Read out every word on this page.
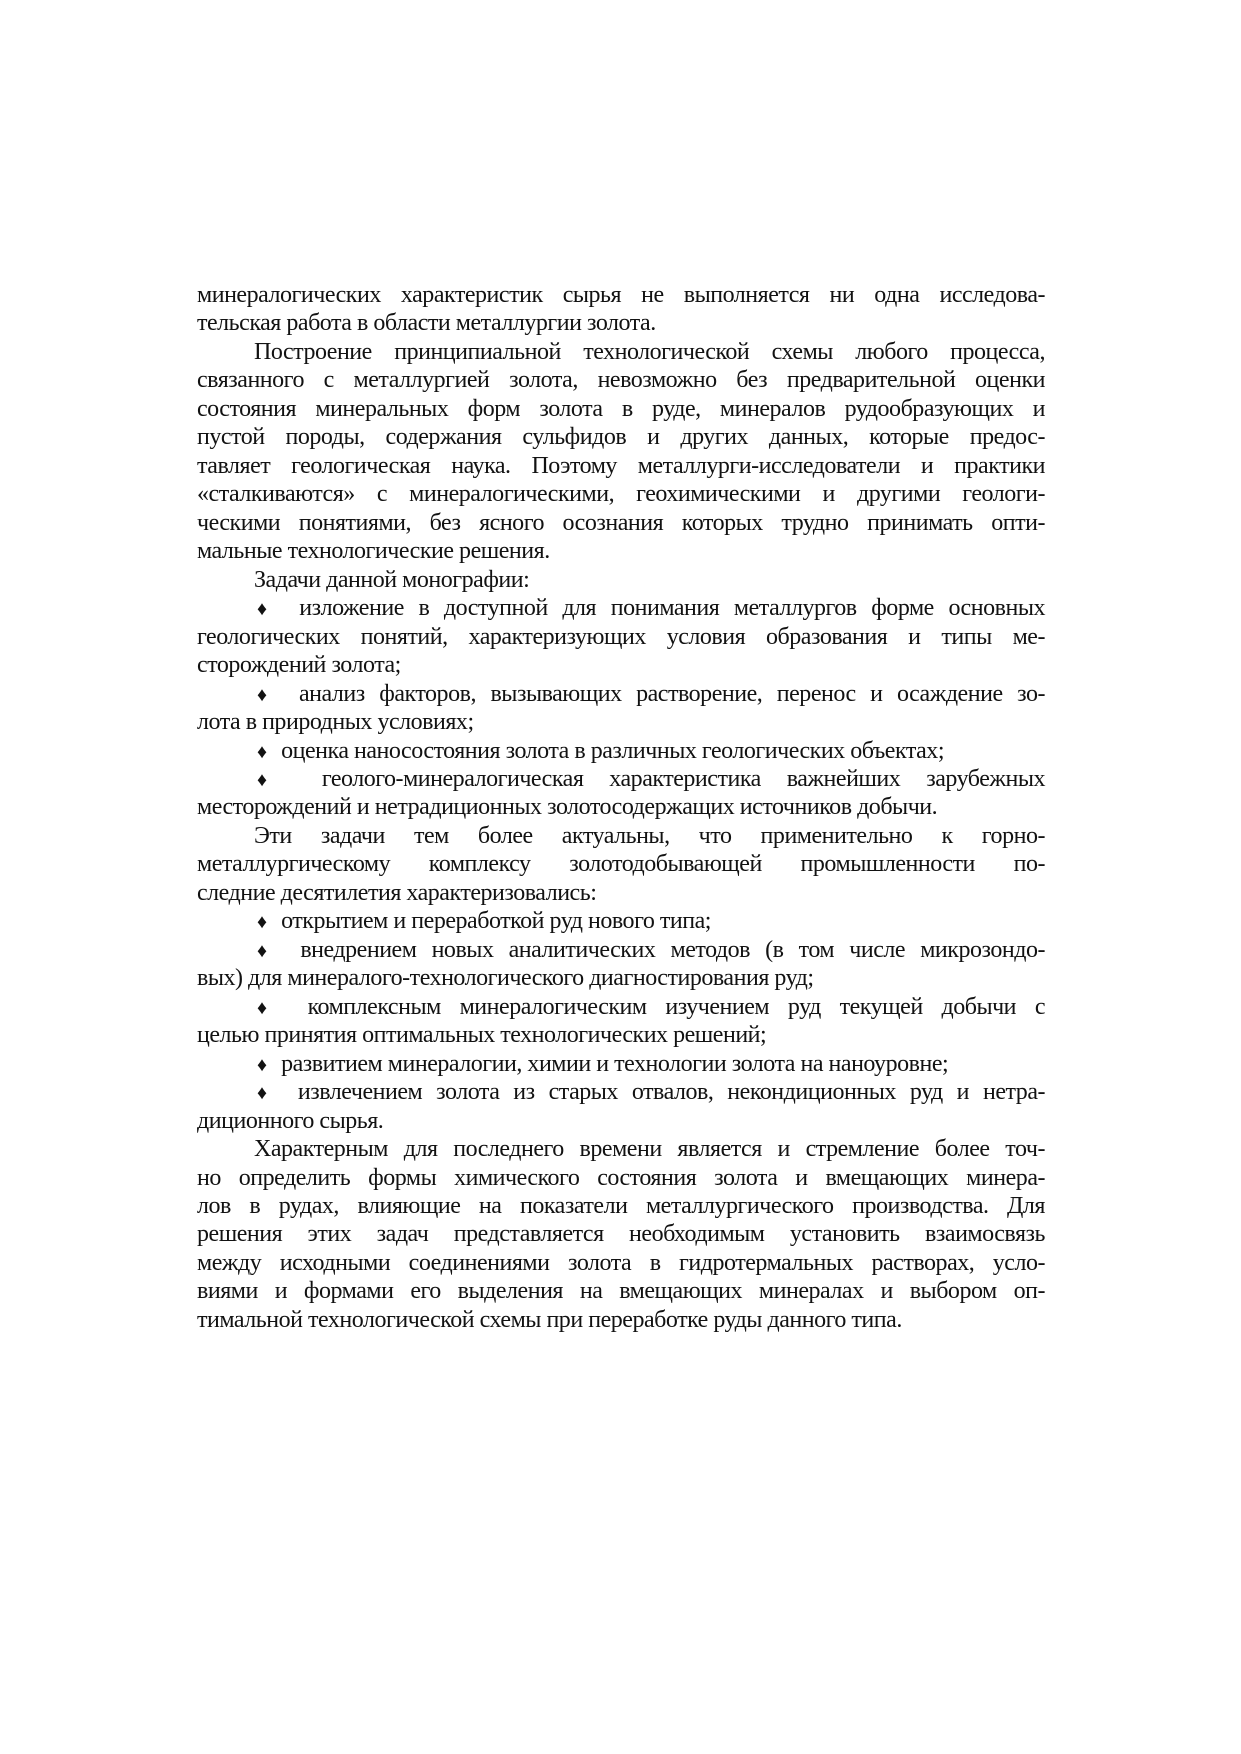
минералогических характеристик сырья не выполняется ни одна исследова-
тельская работа в области металлургии золота.
Построение принципиальной технологической схемы любого процесса,
связанного с металлургией золота, невозможно без предварительной оценки
состояния минеральных форм золота в руде, минералов рудообразующих и
пустой породы, содержания сульфидов и других данных, которые предос-
тавляет геологическая наука. Поэтому металлурги-исследователи и практики
«сталкиваются» с минералогическими, геохимическими и другими геологи-
ческими понятиями, без ясного осознания которых трудно принимать опти-
мальные технологические решения.
Задачи данной монографии:
♦ изложение в доступной для понимания металлургов форме основных
геологических понятий, характеризующих условия образования и типы ме-
сторождений золота;
♦ анализ факторов, вызывающих растворение, перенос и осаждение зо-
лота в природных условиях;
♦ оценка наносостояния золота в различных геологических объектах;
♦ геолого-минералогическая характеристика важнейших зарубежных
месторождений и нетрадиционных золотосодержащих источников добычи.
Эти задачи тем более актуальны, что применительно к горно-
металлургическому комплексу золотодобывающей промышленности по-
следние десятилетия характеризовались:
♦ открытием и переработкой руд нового типа;
♦ внедрением новых аналитических методов (в том числе микрозондо-
вых) для минералого-технологического диагностирования руд;
♦ комплексным минералогическим изучением руд текущей добычи с
целью принятия оптимальных технологических решений;
♦ развитием минералогии, химии и технологии золота на наноуровне;
♦ извлечением золота из старых отвалов, некондиционных руд и нетра-
диционного сырья.
Характерным для последнего времени является и стремление более точ-
но определить формы химического состояния золота и вмещающих минера-
лов в рудах, влияющие на показатели металлургического производства. Для
решения этих задач представляется необходимым установить взаимосвязь
между исходными соединениями золота в гидротермальных растворах, усло-
виями и формами его выделения на вмещающих минералах и выбором оп-
тимальной технологической схемы при переработке руды данного типа.
